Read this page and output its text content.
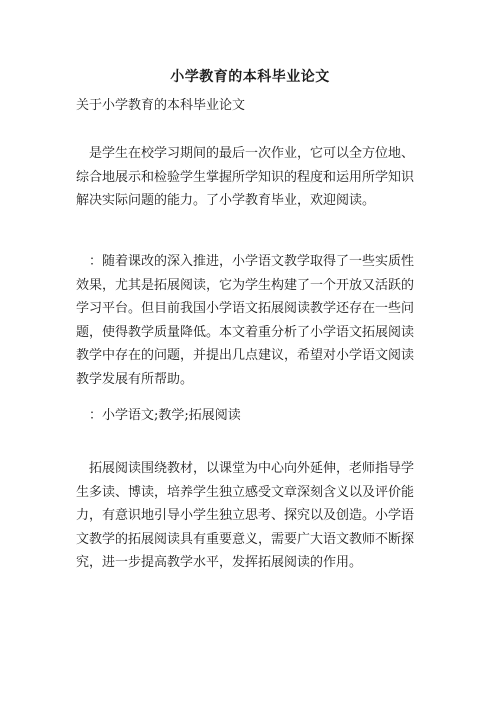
小学教育的本科毕业论文
关于小学教育的本科毕业论文

是学生在校学习期间的最后一次作业，它可以全方位地、综合地展示和检验学生掌握所学知识的程度和运用所学知识解决实际问题的能力。了小学教育毕业，欢迎阅读。

：随着课改的深入推进，小学语文教学取得了一些实质性效果，尤其是拓展阅读，它为学生构建了一个开放又活跃的学习平台。但目前我国小学语文拓展阅读教学还存在一些问题，使得教学质量降低。本文着重分析了小学语文拓展阅读教学中存在的问题，并提出几点建议，希望对小学语文阅读教学发展有所帮助。

：小学语文;教学;拓展阅读

拓展阅读围绕教材，以课堂为中心向外延伸，老师指导学生多读、博读，培养学生独立感受文章深刻含义以及评价能力，有意识地引导小学生独立思考、探究以及创造。小学语文教学的拓展阅读具有重要意义，需要广大语文教师不断探究，进一步提高教学水平，发挥拓展阅读的作用。
